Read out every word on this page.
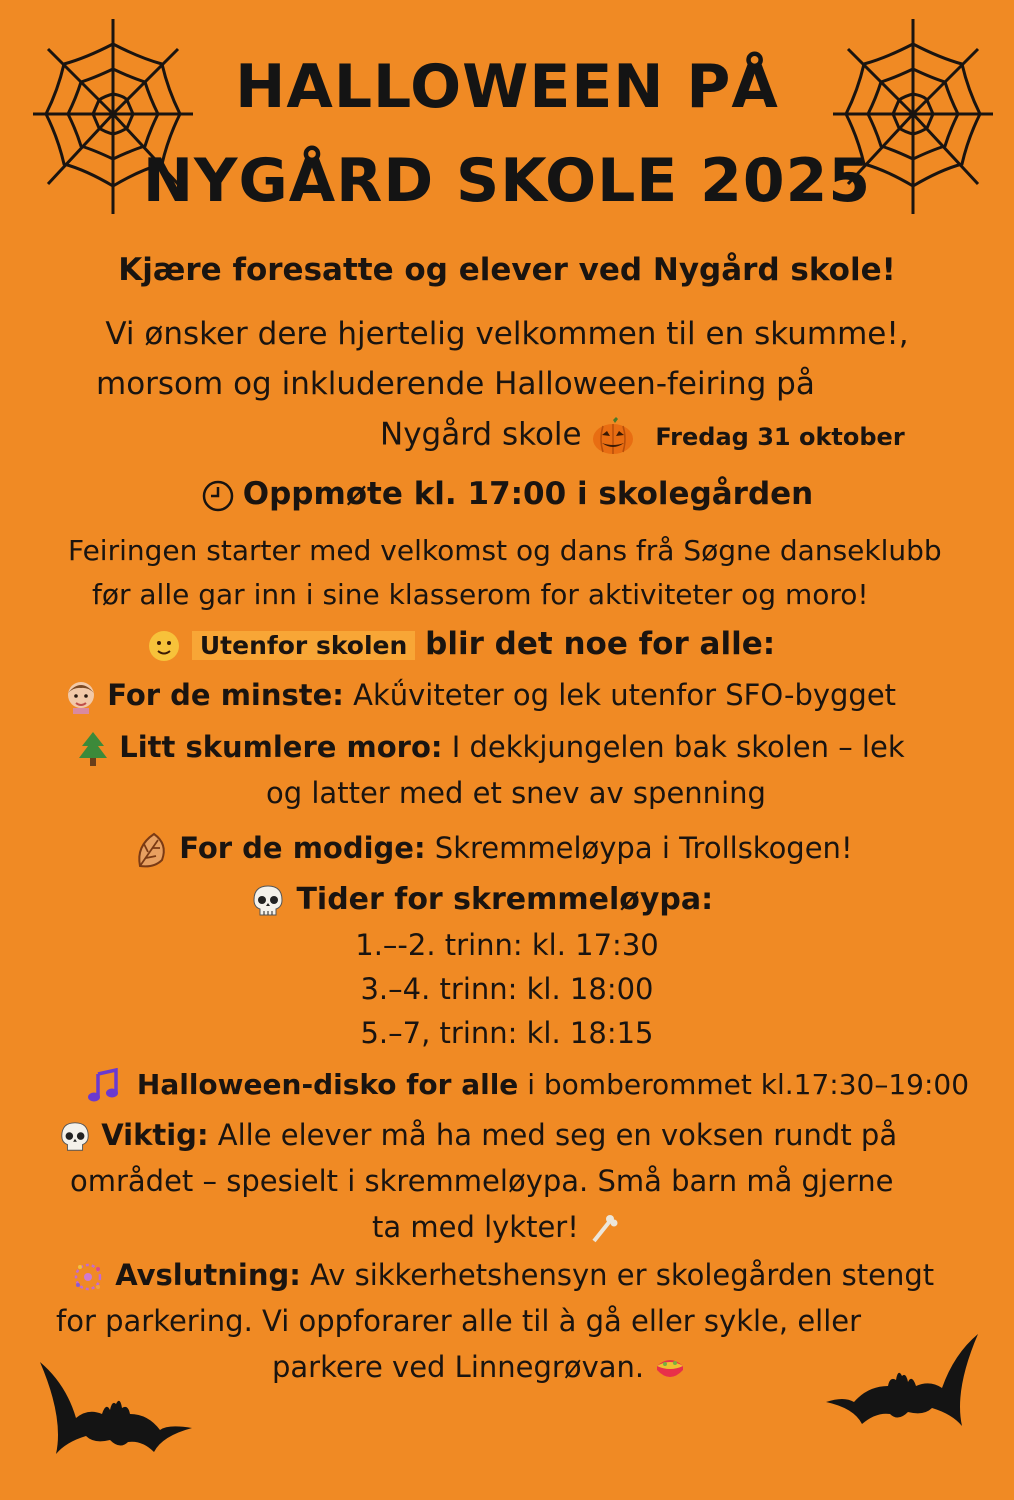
HALLOWEEN PÅ
NYGÅRD SKOLE 2025
Kjære foresatte og elever ved Nygård skole!
Vi ønsker dere hjertelig velkommen til en skumme!,
morsom og inkluderende Halloween-feiring på
Nygård skole	Fredag 31 oktober
Oppmøte kl. 17:00 i skolegården
Feiringen starter med velkomst og dans frå Søgne danseklubb
før alle gar inn i sine klasserom for aktiviteter og moro!
Utenfor skolen blir det noe for alle:
For de minste: Akǘviteter og lek utenfor SFO-bygget
Litt skumlere moro: I dekkjungelen bak skolen – lek
og latter med et snev av spenning
For de modige: Skremmeløypa i Trollskogen!
Tider for skremmeløypa:
1.–-2. trinn: kl. 17:30
3.–4. trinn: kl. 18:00
5.–7, trinn: kl. 18:15
Halloween-disko for alle i bomberommet kl.17:30–19:00
Viktig: Alle elever må ha med seg en voksen rundt på
området – spesielt i skremmeløypa. Små barn må gjerne
ta med lykter!
Avslutning: Av sikkerhetshensyn er skolegården stengt
for parkering. Vi oppforarer alle til à gå eller sykle, eller
parkere ved Linnegrøvan.
